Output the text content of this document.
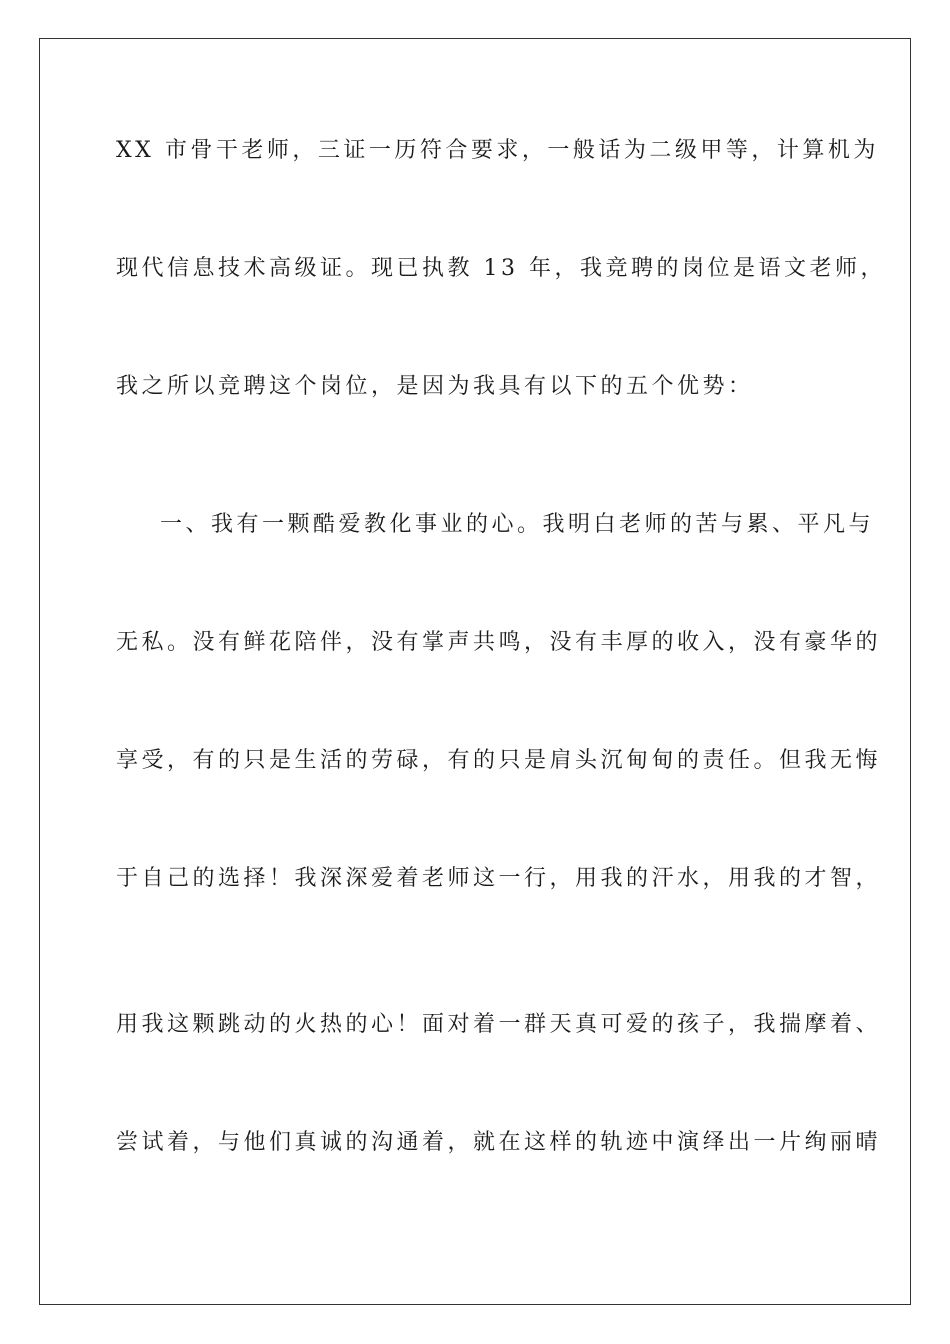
XX 市骨干老师，三证一历符合要求，一般话为二级甲等，计算机为
现代信息技术高级证。现已执教 13 年，我竞聘的岗位是语文老师，
我之所以竞聘这个岗位，是因为我具有以下的五个优势：
一、我有一颗酷爱教化事业的心。我明白老师的苦与累、平凡与
无私。没有鲜花陪伴，没有掌声共鸣，没有丰厚的收入，没有豪华的
享受，有的只是生活的劳碌，有的只是肩头沉甸甸的责任。但我无悔
于自己的选择！我深深爱着老师这一行，用我的汗水，用我的才智，
用我这颗跳动的火热的心！面对着一群天真可爱的孩子，我揣摩着、
尝试着，与他们真诚的沟通着，就在这样的轨迹中演绎出一片绚丽晴
